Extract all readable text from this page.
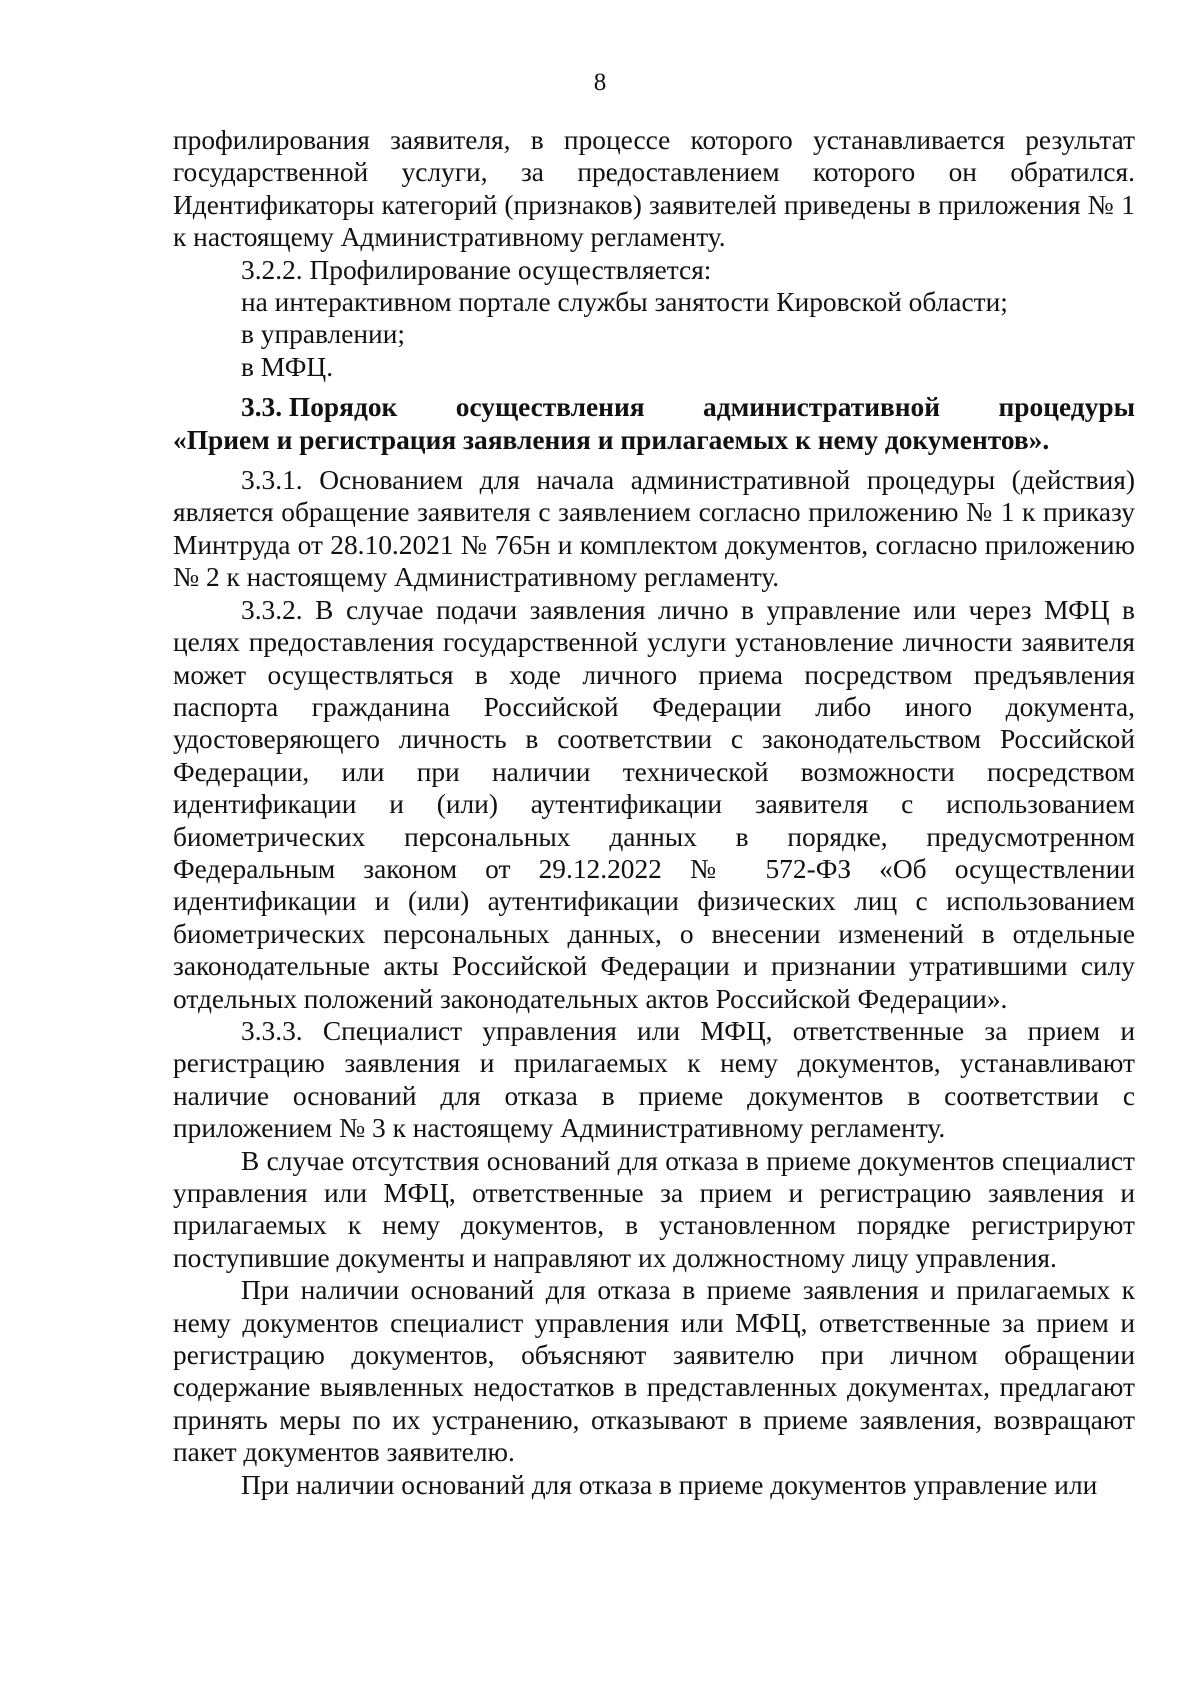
8

профилирования заявителя, в процессе которого устанавливается результат государственной услуги, за предоставлением которого он обратился. Идентификаторы категорий (признаков) заявителей приведены в приложения № 1 к настоящему Административному регламенту.

3.2.2. Профилирование осуществляется:

на интерактивном портале службы занятости Кировской области;

в управлении;

в МФЦ.

3.3. Порядок осуществления административной процедуры
«Прием и регистрация заявления и прилагаемых к нему документов».

3.3.1. Основанием для начала административной процедуры (действия) является обращение заявителя с заявлением согласно приложению № 1 к приказу Минтруда от 28.10.2021 № 765н и комплектом документов, согласно приложению № 2 к настоящему Административному регламенту.

3.3.2. В случае подачи заявления лично в управление или через МФЦ в целях предоставления государственной услуги установление личности заявителя может осуществляться в ходе личного приема посредством предъявления паспорта гражданина Российской Федерации либо иного документа, удостоверяющего личность в соответствии с законодательством Российской Федерации, или при наличии технической возможности посредством идентификации и (или) аутентификации заявителя с использованием биометрических персональных данных в порядке, предусмотренном Федеральным законом от 29.12.2022 № 572-ФЗ «Об осуществлении идентификации и (или) аутентификации физических лиц с использованием биометрических персональных данных, о внесении изменений в отдельные законодательные акты Российской Федерации и признании утратившими силу отдельных положений законодательных актов Российской Федерации».

3.3.3. Специалист управления или МФЦ, ответственные за прием и регистрацию заявления и прилагаемых к нему документов, устанавливают наличие оснований для отказа в приеме документов в соответствии с приложением № 3 к настоящему Административному регламенту.

В случае отсутствия оснований для отказа в приеме документов специалист управления или МФЦ, ответственные за прием и регистрацию заявления и прилагаемых к нему документов, в установленном порядке регистрируют поступившие документы и направляют их должностному лицу управления.

При наличии оснований для отказа в приеме заявления и прилагаемых к нему документов специалист управления или МФЦ, ответственные за прием и регистрацию документов, объясняют заявителю при личном обращении содержание выявленных недостатков в представленных документах, предлагают принять меры по их устранению, отказывают в приеме заявления, возвращают пакет документов заявителю.

При наличии оснований для отказа в приеме документов управление или
